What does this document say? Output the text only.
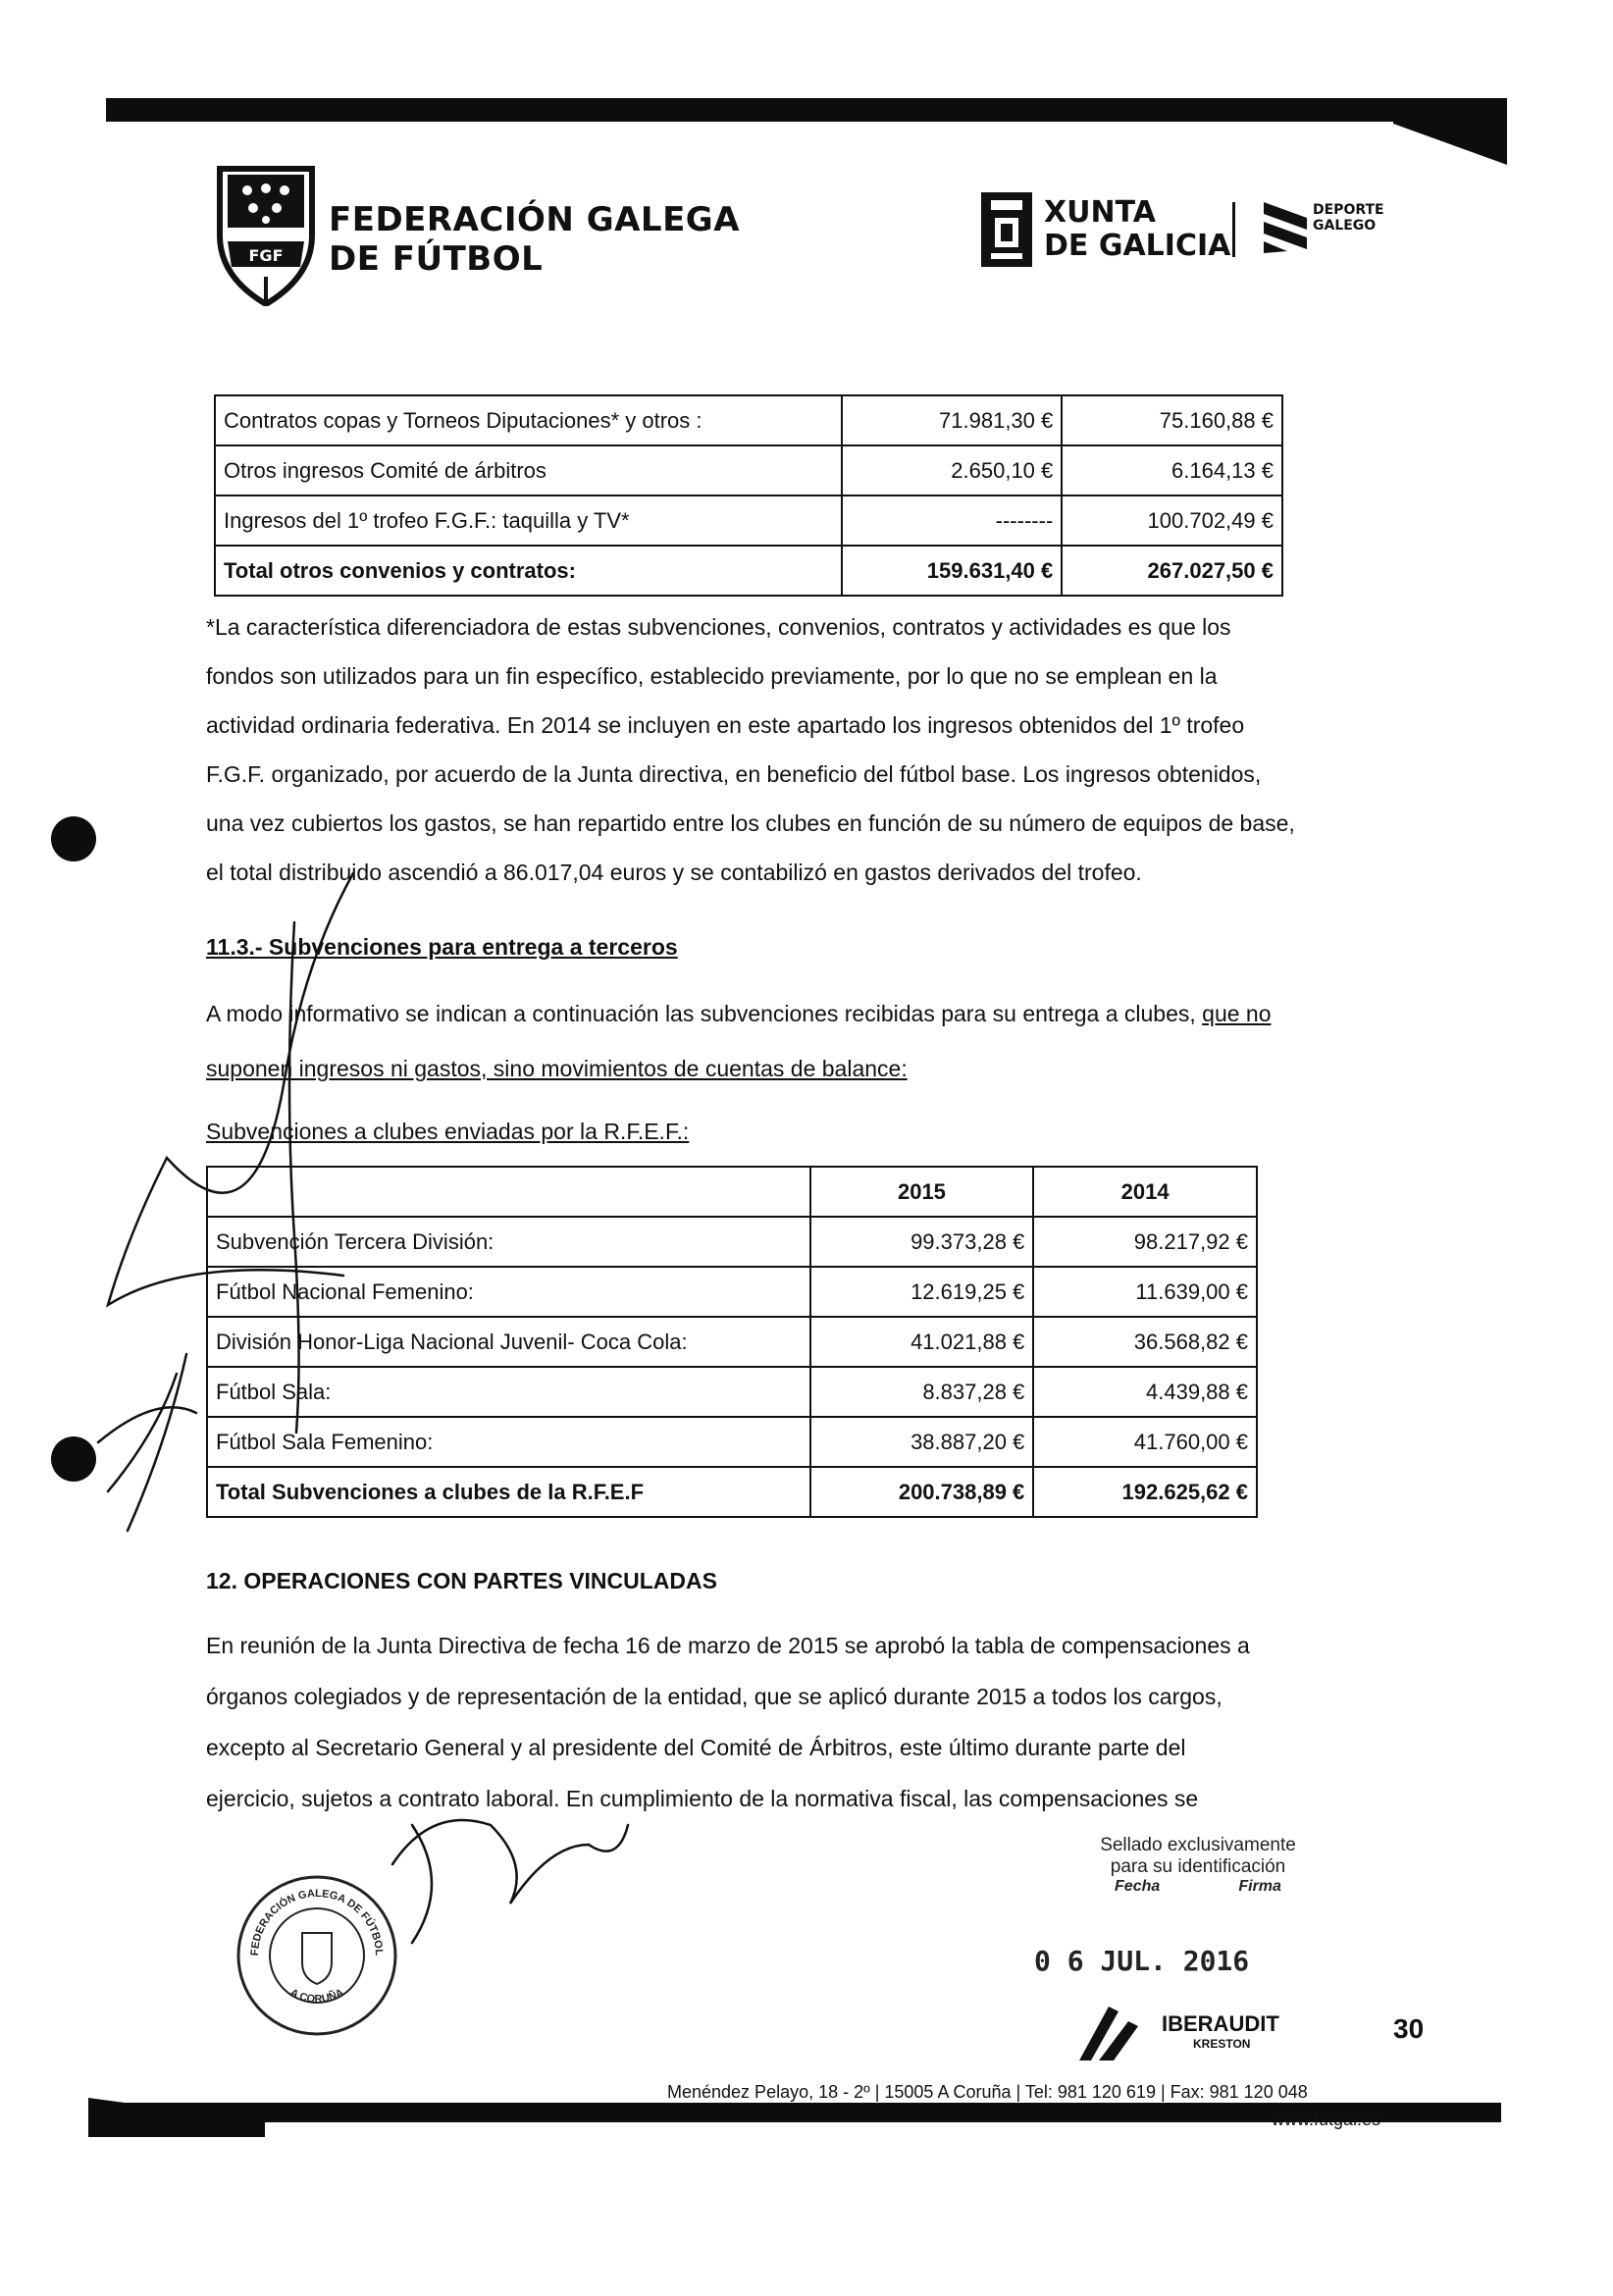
FGF
FEDERACIÓN GALEGA
DE FÚTBOL
XUNTA
DE GALICIA
DEPORTE
GALEGO
Contratos copas y Torneos Diputaciones* y otros :	71.981,30 €	75.160,88 €
Otros ingresos Comité de árbitros	2.650,10 €	6.164,13 €
Ingresos del 1º trofeo F.G.F.: taquilla y TV*	--------	100.702,49 €
Total otros convenios y contratos:	159.631,40 €	267.027,50 €
*La característica diferenciadora de estas subvenciones, convenios, contratos y actividades es que los
fondos son utilizados para un fin específico, establecido previamente, por lo que no se emplean en la
actividad ordinaria federativa. En 2014 se incluyen en este apartado los ingresos obtenidos del 1º trofeo
F.G.F. organizado, por acuerdo de la Junta directiva, en beneficio del fútbol base. Los ingresos obtenidos,
una vez cubiertos los gastos, se han repartido entre los clubes en función de su número de equipos de base,
el total distribuido ascendió a 86.017,04 euros y se contabilizó en gastos derivados del trofeo.
11.3.- Subvenciones para entrega a terceros
A modo informativo se indican a continuación las subvenciones recibidas para su entrega a clubes, que no
suponen ingresos ni gastos, sino movimientos de cuentas de balance:
Subvenciones a clubes enviadas por la R.F.E.F.:
	2015	2014
Subvención Tercera División:	99.373,28 €	98.217,92 €
Fútbol Nacional Femenino:	12.619,25 €	11.639,00 €
División Honor-Liga Nacional Juvenil- Coca Cola:	41.021,88 €	36.568,82 €
Fútbol Sala:	8.837,28 €	4.439,88 €
Fútbol Sala Femenino:	38.887,20 €	41.760,00 €
Total Subvenciones a clubes de la R.F.E.F	200.738,89 €	192.625,62 €
12. OPERACIONES CON PARTES VINCULADAS
En reunión de la Junta Directiva de fecha 16 de marzo de 2015 se aprobó la tabla de compensaciones a
órganos colegiados y de representación de la entidad, que se aplicó durante 2015 a todos los cargos,
excepto al Secretario General y al presidente del Comité de Árbitros, este último durante parte del
ejercicio, sujetos a contrato laboral. En cumplimiento de la normativa fiscal, las compensaciones se
FEDERACIÓN GALEGA DE FÚTBOL
A CORUÑA
Sellado exclusivamente
para su identificación
Fecha	Firma
0 6 JUL. 2016
IBERAUDIT
KRESTON	30
Menéndez Pelayo, 18 - 2º | 15005 A Coruña | Tel: 981 120 619 | Fax: 981 120 048
www.futgal.es
